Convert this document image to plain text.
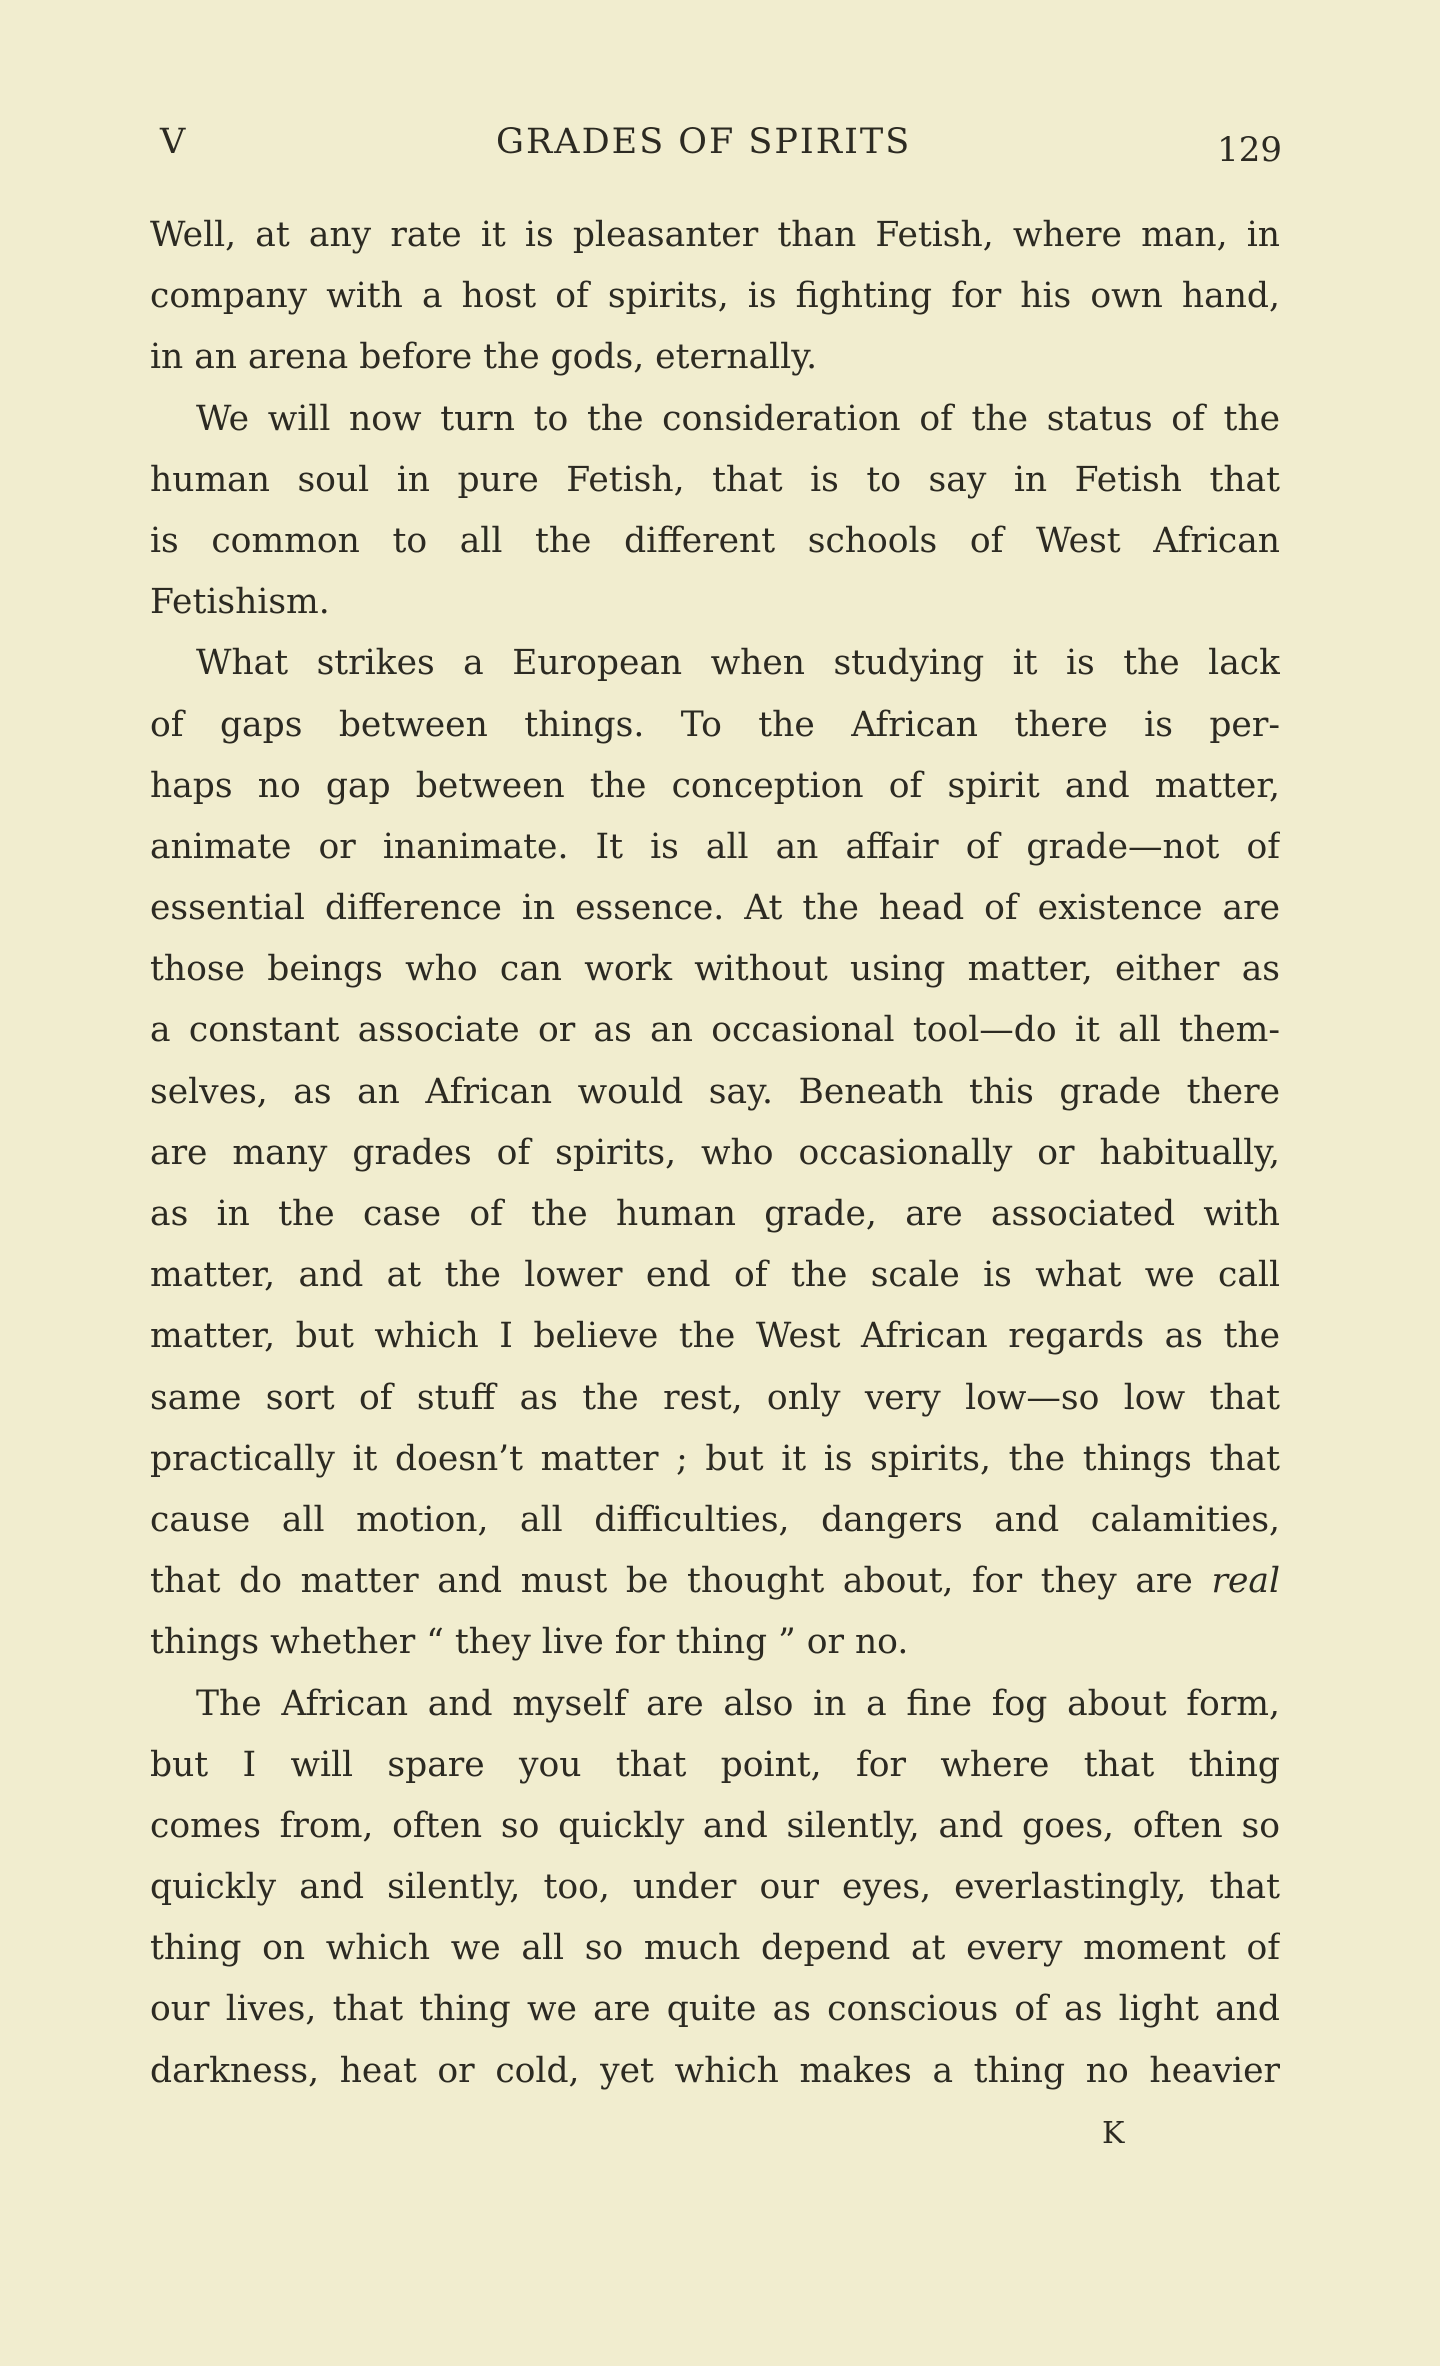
V	GRADES OF SPIRITS	129
Well, at any rate it is pleasanter than Fetish, where man, in
company with a host of spirits, is fighting for his own hand,
in an arena before the gods, eternally.
We will now turn to the consideration of the status of the
human soul in pure Fetish, that is to say in Fetish that
is common to all the different schools of West African
Fetishism.
What strikes a European when studying it is the lack
of gaps between things. To the African there is per-
haps no gap between the conception of spirit and matter,
animate or inanimate. It is all an affair of grade—not of
essential difference in essence. At the head of existence are
those beings who can work without using matter, either as
a constant associate or as an occasional tool—do it all them-
selves, as an African would say. Beneath this grade there
are many grades of spirits, who occasionally or habitually,
as in the case of the human grade, are associated with
matter, and at the lower end of the scale is what we call
matter, but which I believe the West African regards as the
same sort of stuff as the rest, only very low—so low that
practically it doesn’t matter ; but it is spirits, the things that
cause all motion, all difficulties, dangers and calamities,
that do matter and must be thought about, for they are real
things whether “ they live for thing ” or no.
The African and myself are also in a fine fog about form,
but I will spare you that point, for where that thing
comes from, often so quickly and silently, and goes, often so
quickly and silently, too, under our eyes, everlastingly, that
thing on which we all so much depend at every moment of
our lives, that thing we are quite as conscious of as light and
darkness, heat or cold, yet which makes a thing no heavier
K
